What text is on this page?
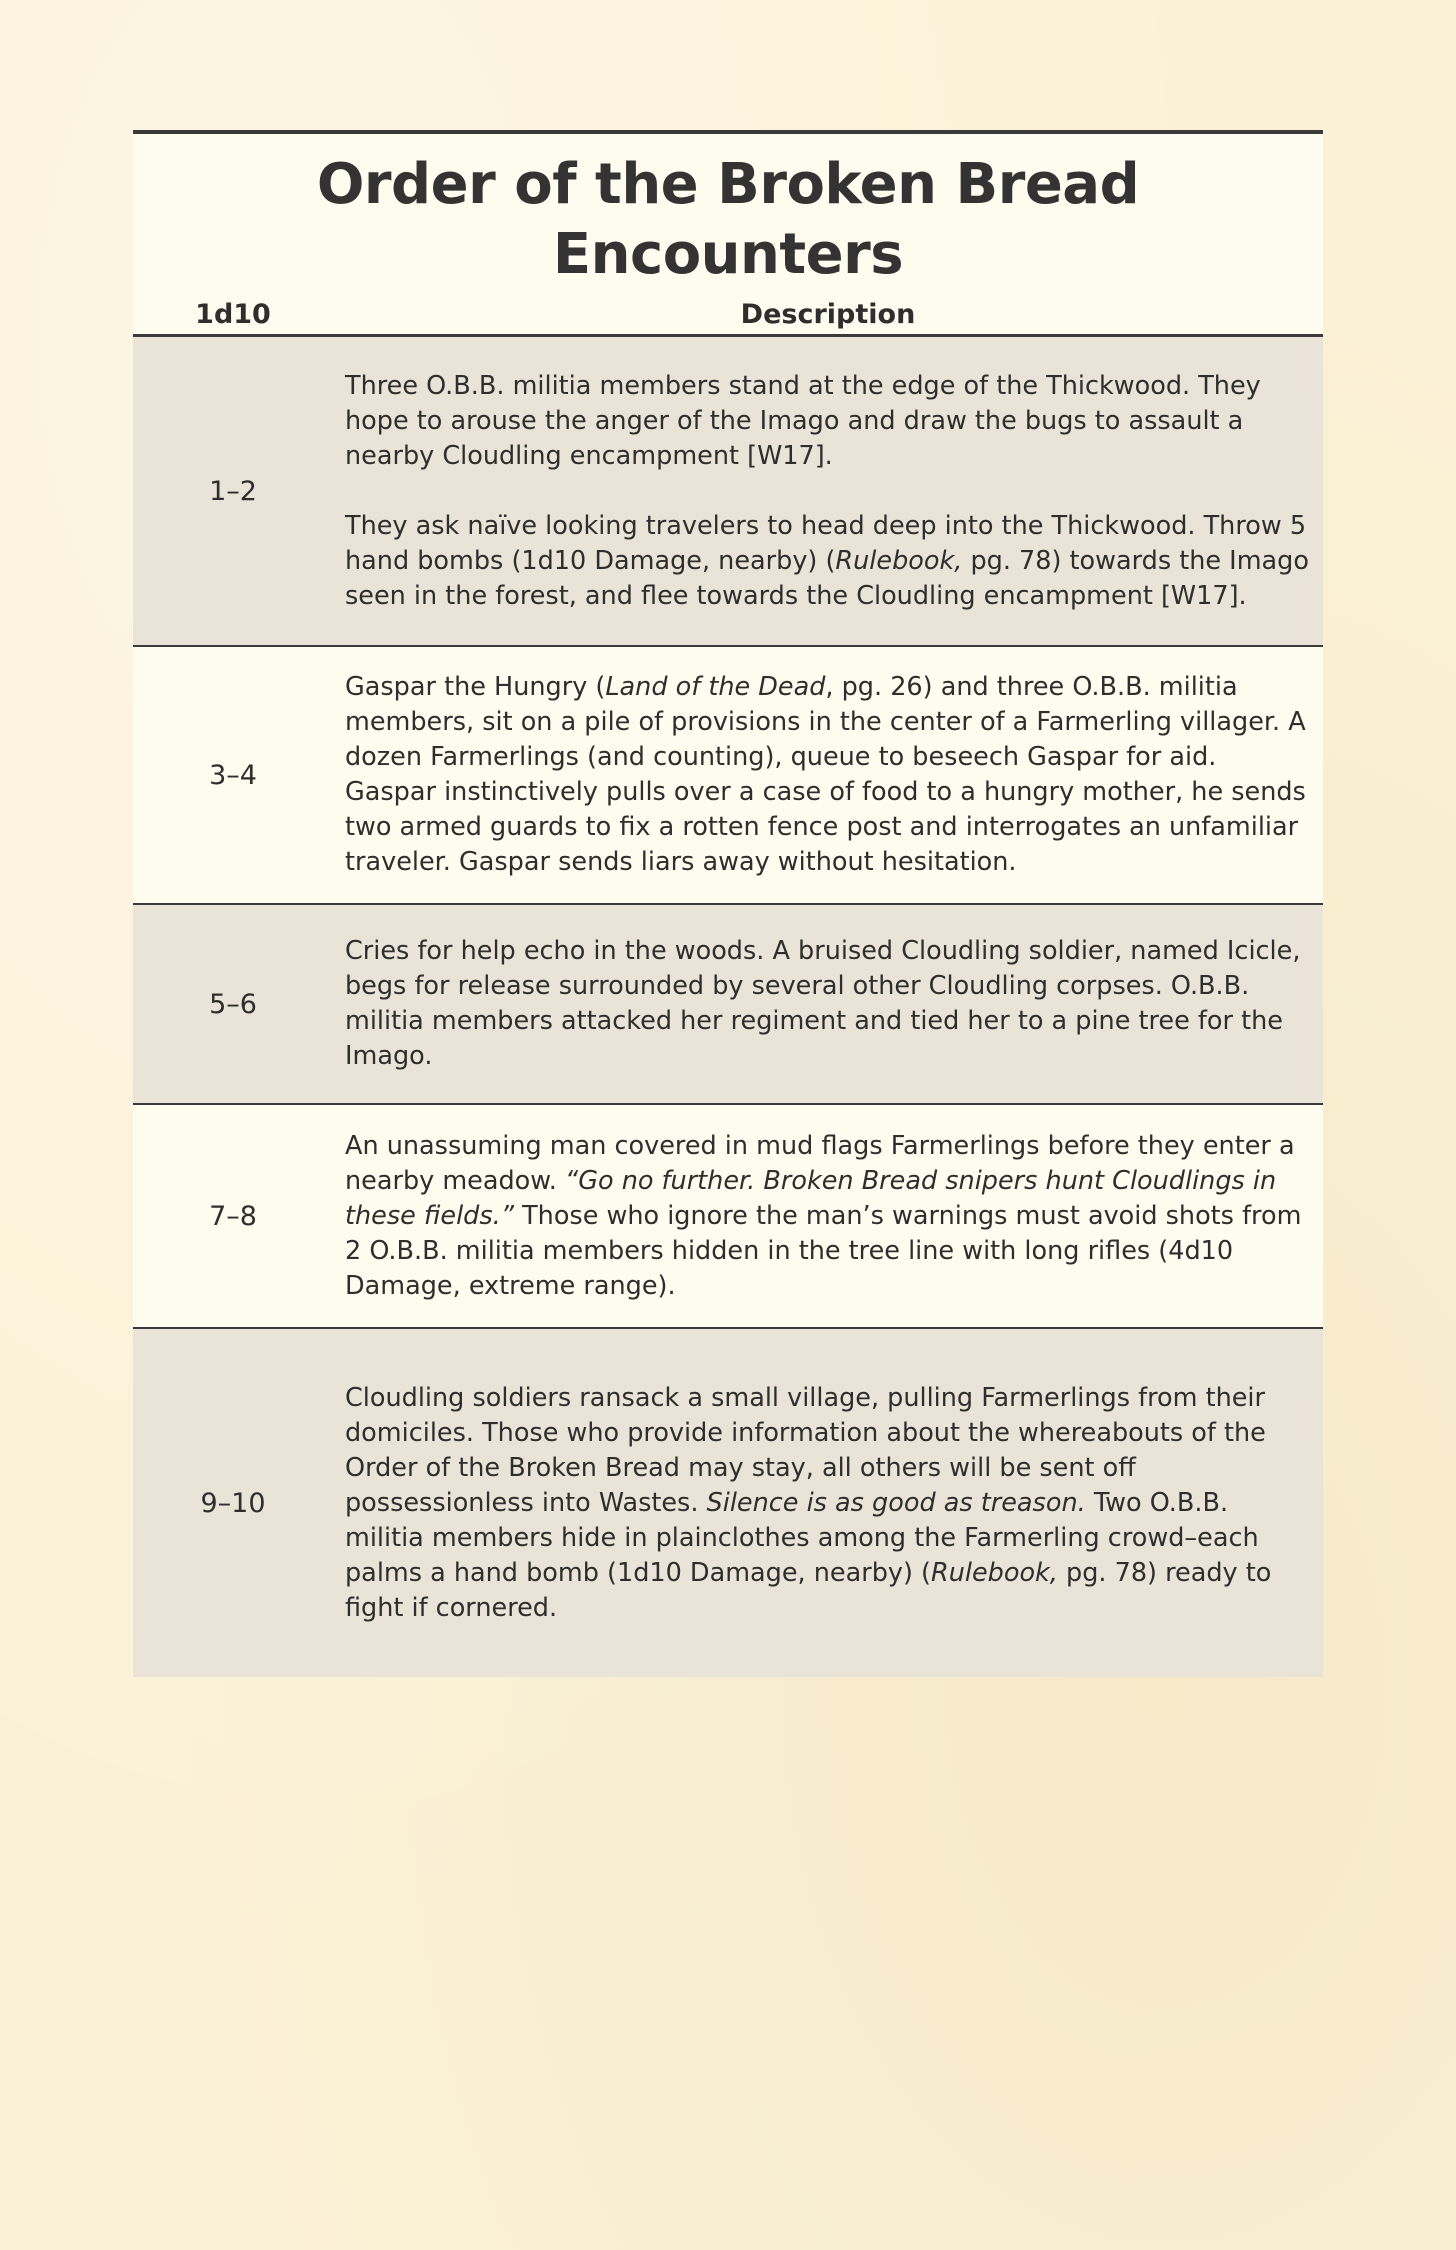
Order of the Broken Bread Encounters
1d10	Description
1–2

Three O.B.B. militia members stand at the edge of the Thickwood. They hope to arouse the anger of the Imago and draw the bugs to assault a nearby Cloudling encampment [W17].

They ask naïve looking travelers to head deep into the Thickwood. Throw 5 hand bombs (1d10 Damage, nearby) (Rulebook, pg. 78) towards the Imago seen in the forest, and flee towards the Cloudling encampment [W17].

3–4

Gaspar the Hungry (Land of the Dead, pg. 26) and three O.B.B. militia members, sit on a pile of provisions in the center of a Farmerling villager. A dozen Farmerlings (and counting), queue to beseech Gaspar for aid. Gaspar instinctively pulls over a case of food to a hungry mother, he sends two armed guards to fix a rotten fence post and interrogates an unfamiliar traveler. Gaspar sends liars away without hesitation.

5–6

Cries for help echo in the woods. A bruised Cloudling soldier, named Icicle, begs for release surrounded by several other Cloudling corpses. O.B.B. militia members attacked her regiment and tied her to a pine tree for the Imago.

7–8

An unassuming man covered in mud flags Farmerlings before they enter a nearby meadow. “Go no further. Broken Bread snipers hunt Cloudlings in these fields.” Those who ignore the man’s warnings must avoid shots from 2 O.B.B. militia members hidden in the tree line with long rifles (4d10 Damage, extreme range).

9–10

Cloudling soldiers ransack a small village, pulling Farmerlings from their domiciles. Those who provide information about the whereabouts of the Order of the Broken Bread may stay, all others will be sent off possessionless into Wastes. Silence is as good as treason. Two O.B.B. militia members hide in plainclothes among the Farmerling crowd–each palms a hand bomb (1d10 Damage, nearby) (Rulebook, pg. 78) ready to fight if cornered.
